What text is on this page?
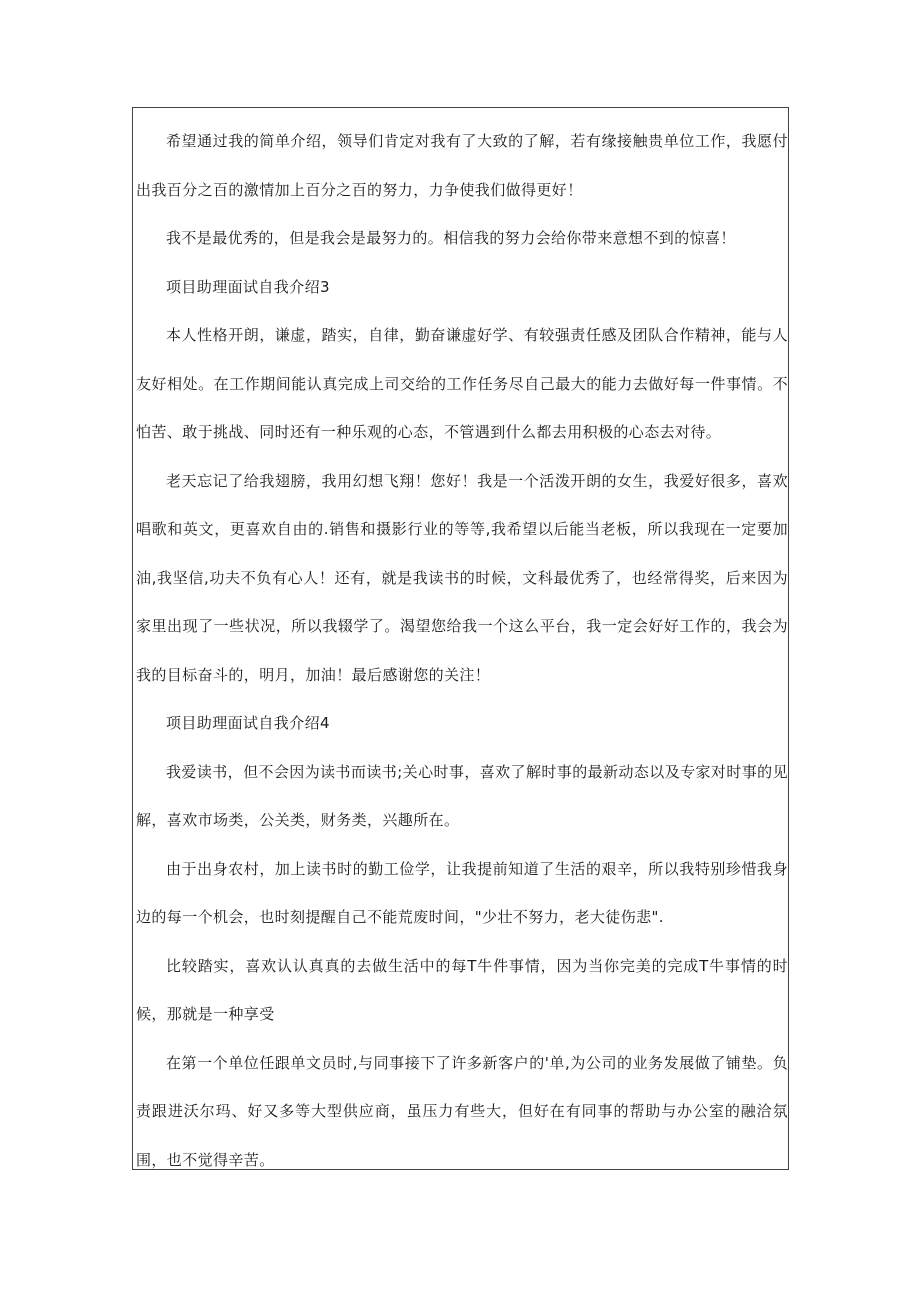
希望通过我的简单介绍，领导们肯定对我有了大致的了解，若有缘接触贵单位工作，我愿付出我百分之百的激情加上百分之百的努力，力争使我们做得更好！

我不是最优秀的，但是我会是最努力的。相信我的努力会给你带来意想不到的惊喜！

项目助理面试自我介绍3

本人性格开朗，谦虚，踏实，自律，勤奋谦虚好学、有较强责任感及团队合作精神，能与人友好相处。在工作期间能认真完成上司交给的工作任务尽自己最大的能力去做好每一件事情。不怕苦、敢于挑战、同时还有一种乐观的心态，不管遇到什么都去用积极的心态去对待。

老天忘记了给我翅膀，我用幻想飞翔！您好！我是一个活泼开朗的女生，我爱好很多，喜欢唱歌和英文，更喜欢自由的.销售和摄影行业的等等,我希望以后能当老板，所以我现在一定要加油,我坚信,功夫不负有心人！还有，就是我读书的时候，文科最优秀了，也经常得奖，后来因为家里出现了一些状况，所以我辍学了。渴望您给我一个这么平台，我一定会好好工作的，我会为我的目标奋斗的，明月，加油！最后感谢您的关注！

项目助理面试自我介绍4

我爱读书，但不会因为读书而读书;关心时事，喜欢了解时事的最新动态以及专家对时事的见解，喜欢市场类，公关类，财务类，兴趣所在。

由于出身农村，加上读书时的勤工俭学，让我提前知道了生活的艰辛，所以我特别珍惜我身边的每一个机会，也时刻提醒自己不能荒废时间，"少壮不努力，老大徒伤悲".

比较踏实，喜欢认认真真的去做生活中的每T牛件事情，因为当你完美的完成T牛事情的时候，那就是一种享受

在第一个单位任跟单文员时,与同事接下了许多新客户的'单,为公司的业务发展做了铺垫。负责跟进沃尔玛、好又多等大型供应商，虽压力有些大，但好在有同事的帮助与办公室的融洽氛围，也不觉得辛苦。
